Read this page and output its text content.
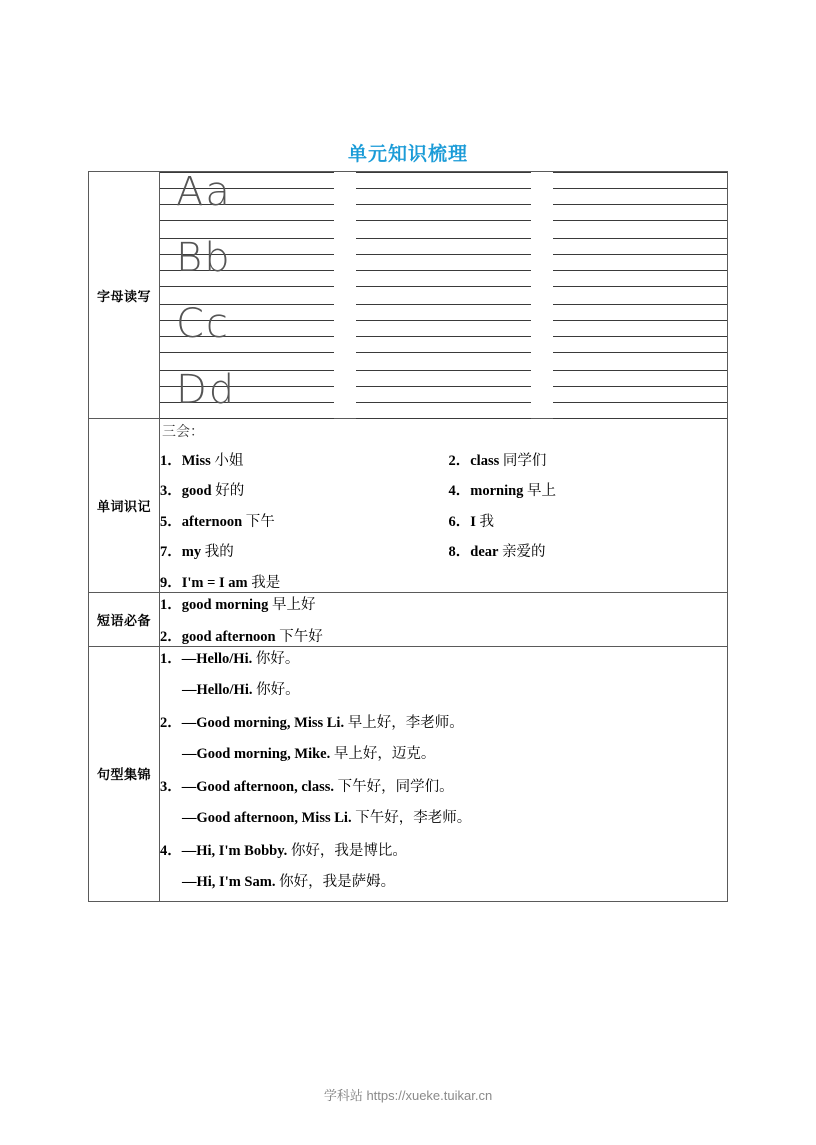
单元知识梳理
字母读写	Aa
Bb
Cc
Dd

单词识记	
三会：
1．Miss 小姐	2．class 同学们
3．good 好的	4．morning 早上
5．afternoon 下午	6．I 我
7．my 我的	8．dear 亲爱的
9．I'm = I am 我是

短语必备	1．good morning 早上好
2．good afternoon 下午好

句型集锦	
1．—Hello/Hi. 你好。
—Hello/Hi. 你好。
2．—Good morning, Miss Li. 早上好，李老师。
—Good morning, Mike. 早上好，迈克。
3．—Good afternoon, class. 下午好，同学们。
—Good afternoon, Miss Li. 下午好，李老师。
4．—Hi, I'm Bobby. 你好，我是博比。
—Hi, I'm Sam. 你好，我是萨姆。
学科站 https://xueke.tuikar.cn
